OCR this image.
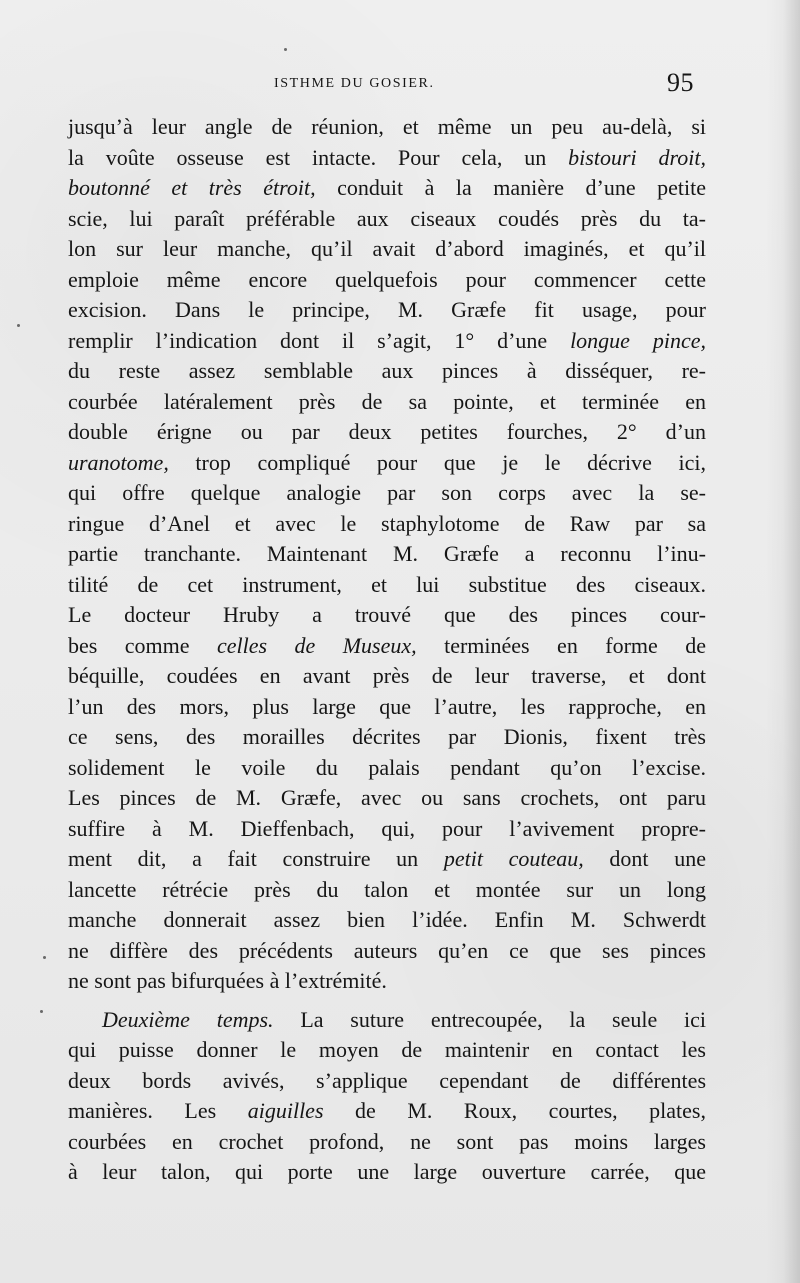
ISTHME DU GOSIER.	95
jusqu’à leur angle de réunion, et même un peu au-delà, si
la voûte osseuse est intacte. Pour cela, un bistouri droit,
boutonné et très étroit, conduit à la manière d’une petite
scie, lui paraît préférable aux ciseaux coudés près du ta-
lon sur leur manche, qu’il avait d’abord imaginés, et qu’il
emploie même encore quelquefois pour commencer cette
excision. Dans le principe, M. Græfe fit usage, pour
remplir l’indication dont il s’agit, 1° d’une longue pince,
du reste assez semblable aux pinces à disséquer, re-
courbée latéralement près de sa pointe, et terminée en
double érigne ou par deux petites fourches, 2° d’un
uranotome, trop compliqué pour que je le décrive ici,
qui offre quelque analogie par son corps avec la se-
ringue d’Anel et avec le staphylotome de Raw par sa
partie tranchante. Maintenant M. Græfe a reconnu l’inu-
tilité de cet instrument, et lui substitue des ciseaux.
Le docteur Hruby a trouvé que des pinces cour-
bes comme celles de Museux, terminées en forme de
béquille, coudées en avant près de leur traverse, et dont
l’un des mors, plus large que l’autre, les rapproche, en
ce sens, des morailles décrites par Dionis, fixent très
solidement le voile du palais pendant qu’on l’excise.
Les pinces de M. Græfe, avec ou sans crochets, ont paru
suffire à M. Dieffenbach, qui, pour l’avivement propre-
ment dit, a fait construire un petit couteau, dont une
lancette rétrécie près du talon et montée sur un long
manche donnerait assez bien l’idée. Enfin M. Schwerdt
ne diffère des précédents auteurs qu’en ce que ses pinces
ne sont pas bifurquées à l’extrémité.
Deuxième temps. La suture entrecoupée, la seule ici
qui puisse donner le moyen de maintenir en contact les
deux bords avivés, s’applique cependant de différentes
manières. Les aiguilles de M. Roux, courtes, plates,
courbées en crochet profond, ne sont pas moins larges
à leur talon, qui porte une large ouverture carrée, que
